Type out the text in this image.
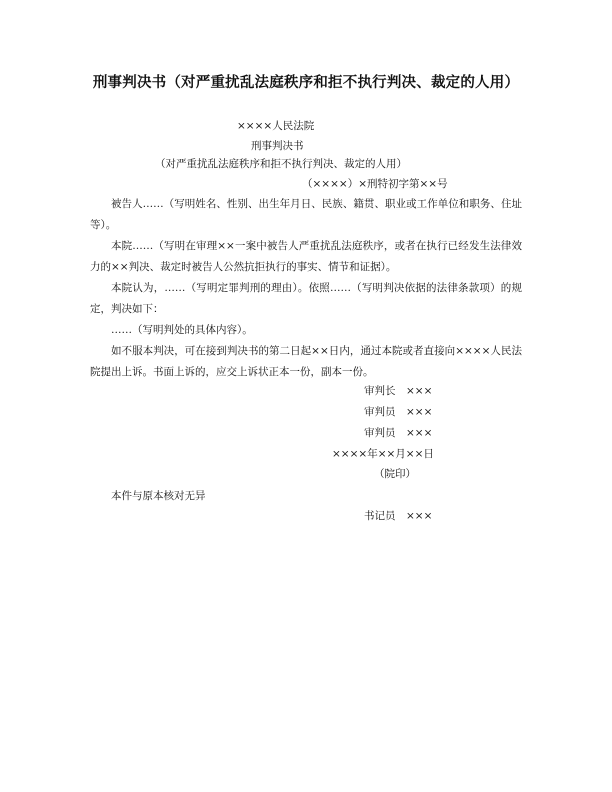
刑事判决书（对严重扰乱法庭秩序和拒不执行判决、裁定的人用）
××××人民法院
刑事判决书
（对严重扰乱法庭秩序和拒不执行判决、裁定的人用）
（××××）×刑特初字第××号
被告人……（写明姓名、性别、出生年月日、民族、籍贯、职业或工作单位和职务、住址等）。
本院……（写明在审理××一案中被告人严重扰乱法庭秩序，或者在执行已经发生法律效力的××判决、裁定时被告人公然抗拒执行的事实、情节和证据）。
本院认为，……（写明定罪判刑的理由）。依照……（写明判决依据的法律条款项）的规定，判决如下：
……（写明判处的具体内容）。
如不服本判决，可在接到判决书的第二日起××日内，通过本院或者直接向××××人民法院提出上诉。书面上诉的，应交上诉状正本一份，副本一份。
审判长 ×××
审判员 ×××
审判员 ×××
××××年××月××日
（院印）
本件与原本核对无异
书记员 ×××
